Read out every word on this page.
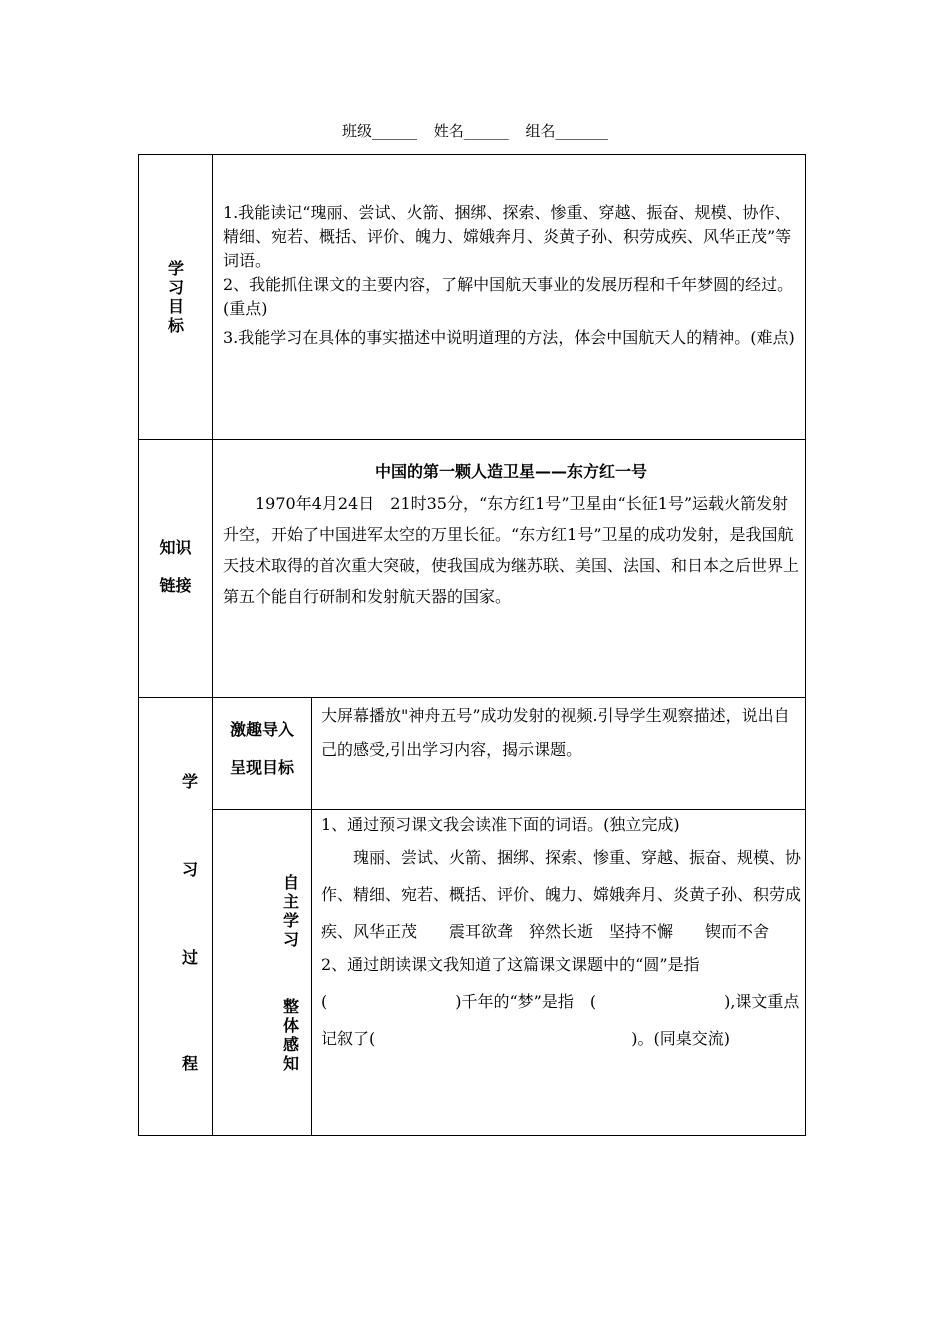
班级______ 姓名______ 组名_______
学习目标
1.我能读记“瑰丽、尝试、火箭、捆绑、探索、惨重、穿越、振奋、规模、协作、精细、宛若、概括、评价、魄力、嫦娥奔月、炎黄子孙、积劳成疾、风华正茂”等词语。
2、我能抓住课文的主要内容，了解中国航天事业的发展历程和千年梦圆的经过。(重点)
3.我能学习在具体的事实描述中说明道理的方法，体会中国航天人的精神。(难点)
知识
链接
中国的第一颗人造卫星——东方红一号
1970年4月24日　21时35分，“东方红1号”卫星由“长征1号”运载火箭发射升空，开始了中国进军太空的万里长征。“东方红1号”卫星的成功发射，是我国航天技术取得的首次重大突破，使我国成为继苏联、美国、法国、和日本之后世界上第五个能自行研制和发射航天器的国家。
学
习
过
程
激趣导入
呈现目标
大屏幕播放"神舟五号”成功发射的视频.引导学生观察描述，说出自己的感受,引出学习内容，揭示课题。
自主学习
整体感知
1、通过预习课文我会读准下面的词语。(独立完成)
瑰丽、尝试、火箭、捆绑、探索、惨重、穿越、振奋、规模、协作、精细、宛若、概括、评价、魄力、嫦娥奔月、炎黄子孙、积劳成疾、风华正茂　　震耳欲聋　猝然长逝　坚持不懈　　锲而不舍
2、通过朗读课文我知道了这篇课文课题中的“圆”是指(　　　　　　　　)千年的“梦”是指　(　　　　　　　　),课文重点记叙了(　　　　　　　　　　　　　　　　)。(同桌交流)
